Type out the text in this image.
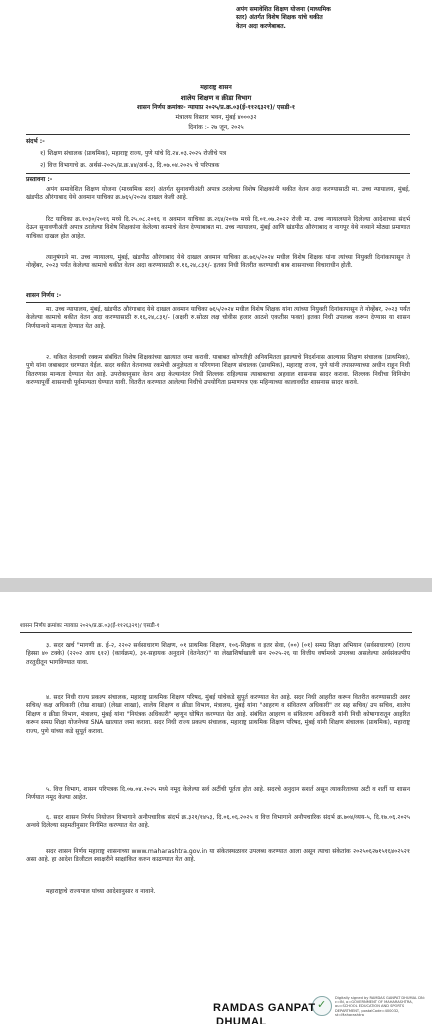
अपंग समावेशित शिक्षण योजना (माध्यमिक
स्तर) अंतर्गत विशेष शिक्षक यांचे थकीत
वेतन अदा करणेबाबत.
महाराष्ट्र शासन
शालेय शिक्षण व क्रीडा विभाग
शासन निर्णय क्रमांकः- न्यायाप्र २०२५/प्र.क्र.०३(ई-११२६३२१)/ एसडी-१
मंत्रालय विस्तार भवन, मुंबई ४०००३२
दिनांक :- २७ जून, २०२५
संदर्भ :-
१) शिक्षण संचालक (प्राथमिक), महाराष्ट्र राज्य, पुणे यांचे दि.२४.०३.२०२५ रोजीचे पत्र
२) वित्त विभागाचे क्र. अर्थसं-२०२५/प्र.क्र.४४/अर्थ-३, दि.०७.०४.२०२५ चे परिपत्रक
प्रस्तावना :-
अपंग समावेशित शिक्षण योजना (माध्यमिक स्तर) अंतर्गत सुनावणीअंती अपात्र ठरलेल्या विशेष शिक्षकांनी थकीत वेतन अदा करण्यासाठी मा. उच्च न्यायालय, मुंबई, खंडपीठ औरंगाबाद येथे अवमान याचिका क्र.७६५/२०२४ दाखल केली आहे.
रिट याचिका क्र.१०३०/२०१६ मध्ये दि.२५.०८.२०१६ व अवमान याचिका क्र.२६४/२०१७ मध्ये दि.०१.०७.२०२२ रोजी मा. उच्च न्यायालयाने दिलेल्या आदेशाच्या संदर्भ देऊन सुनावणीअंती अपात्र ठरलेल्या विशेष शिक्षकांना केलेल्या कामाचे वेतन देण्याबाबत मा. उच्च न्यायालय, मुंबई आणि खंडपीठ औरंगाबाद व नागपूर येथे नव्याने मोठ्या प्रमाणात याचिका दाखल होत आहेत.
त्यानुषंगाने मा. उच्च न्यायालय, मुंबई, खंडपीठ औरंगाबाद येथे दाखल अवमान याचिका क्र.७६५/२०२४ मधील विशेष शिक्षक यांना त्यांच्या नियुक्ती दिनांकापासून ते नोव्हेंबर, २०२३ पर्यंत केलेल्या कामाचे थकीत वेतन अदा करण्यासाठी रु.१६,२४,८३१/- इतका निधी वितरीत करण्याची बाब शासनाच्या विचाराधीन होती.
शासन निर्णय :-
मा. उच्च न्यायालय, मुंबई, खंडपीठ औरंगाबाद येथे दाखल अवमान याचिका ७६५/२०२४ मधील विशेष शिक्षक यांना त्यांच्या नियुक्ती दिनांकापासून ते नोव्हेंबर, २०२३ पर्यंत केलेल्या कामाचे थकीत वेतन अदा करण्यासाठी रु.१६,२४,८३१/- (अक्षरी रु.सोळा लक्ष चोवीस हजार आठशे एकतीस फक्त) इतका निधी उपलब्ध करून देण्यास या शासन निर्णयान्वये मान्यता देण्यात येत आहे.
२. थकित वेतनाची रक्कम संबंधित विशेष शिक्षकांच्या खात्यात जमा करावी. याबाबत कोणतीही अनियमितता झाल्याचे निदर्शनास आल्यास शिक्षण संचालक (प्राथमिक), पुणे यांना जबाबदार धरण्यात येईल. सदर थकीत वेतनाच्या रकमेची अनुज्ञेयता व परिगणना शिक्षण संचालक (प्राथमिक), महाराष्ट्र राज्य, पुणे यांनी तपासण्याच्या अधीन राहून निधी वितरणास मान्यता देण्यात येत आहे. उपरोक्तनुसार वेतन अदा केल्यानंतर निधी शिल्लक राहिल्यास त्याबाबतचा अहवाल शासनास सादर करावा. शिल्लक निधीचा विनियोग करण्यापूर्वी शासनाची पूर्वमान्यता घेण्यात यावी. वितरीत करण्यात आलेल्या निधीचे उपयोगिता प्रमाणपत्र एक महिन्याच्या कालावधीत शासनास सादर करावे.
शासन निर्णय क्रमांकः न्यायाप्र २०२५/प्र.क्र.०३(ई-११२६३२१)/ एसडी-१
३. सदर खर्च "मागणी क्र. ई-२, २२०२ सर्वसाधारण शिक्षण, ०१ प्राथमिक शिक्षण, १०६-शिक्षक व इतर सेवा, (००) (०१) समग्र शिक्षा अभियान (सर्वसाधारण) (राज्य हिस्सा ४० टक्के) (२२०२ आय ६१२) (कार्यक्रम), ३१-सहायक अनुदाने (वेतनेतर)" या लेखाशिर्षाखाली सन २०२५-२६ या वित्तीय वर्षामध्ये उपलब्ध असलेल्या अर्थसंकल्पीय तरतुदीतून भागविण्यात यावा.
४. सदर निधी राज्य प्रकल्प संचालक, महाराष्ट्र प्राथमिक शिक्षण परिषद, मुंबई यांचेकडे सुपूर्त करण्यात येत आहे. सदर निधी आहरीत करून वितरीत करण्यासाठी अवर सचिव/ कक्ष अधिकारी (रोख शाखा) (लेखा शाखा), शालेय शिक्षण व क्रीडा विभाग, मंत्रालय, मुंबई यांना "आहरण व संवितरण अधिकारी" तर सह सचिव/ उप सचिव, शालेय शिक्षण व क्रीडा विभाग, मंत्रालय, मुंबई यांना "नियंत्रक अधिकारी" म्हणून घोषित करण्यात येत आहे. संबंधित आहरण व संवितरण अधिकारी यांनी निधी कोषागारातून आहरित करून समग्र शिक्षा योजनेच्या SNA खात्यात जमा करावा. सदर निधी राज्य प्रकल्प संचालक, महाराष्ट्र प्राथमिक शिक्षण परिषद, मुंबई यांनी शिक्षण संचालक (प्राथमिक), महाराष्ट्र राज्य, पुणे यांच्या कडे सुपूर्त करावा.
५. वित्त विभाग, शासन परिपत्रक दि.०७.०४.२०२५ मध्ये नमूद केलेल्या सर्व अटींची पूर्तता होत आहे. सदरचे अनुदान सशर्त असून त्याकरिताच्या अटी व शर्ती या शासन निर्णयात नमूद केल्या आहेत.
६. सदर शासन निर्णय नियोजन विभागाने अनौपचारिक संदर्भ क्र.३२१/१४५३, दि.०६.०६.२०२५ व वित्त विभागाने अनौपचारिक संदर्भ क्र.७०४/व्यय-५, दि.१७.०६.२०२५ अन्वये दिलेल्या सहमतीनुसार निर्गमित करण्यात येत आहे.
सदर शासन निर्णय महाराष्ट्र शासनाच्या www.maharashtra.gov.in या संकेतस्थळावर उपलब्ध करण्यात आला असून त्याचा संकेतांक २०२५०६२७१५१६४०२५२१ असा आहे. हा आदेश डिजीटल स्वाक्षरीने साक्षांकित करुन काढण्यात येत आहे.
महाराष्ट्राचे राज्यपाल यांच्या आदेशानुसार व नावाने.
✓
RAMDAS GANPAT
DHUMAL
Digitally signed by RAMDAS GANPAT DHUMAL DN: c=IN, o=GOVERNMENT OF MAHARASHTRA, ou=SCHOOL EDUCATION AND SPORTS DEPARTMENT, postalCode=400032, st=Maharashtra
